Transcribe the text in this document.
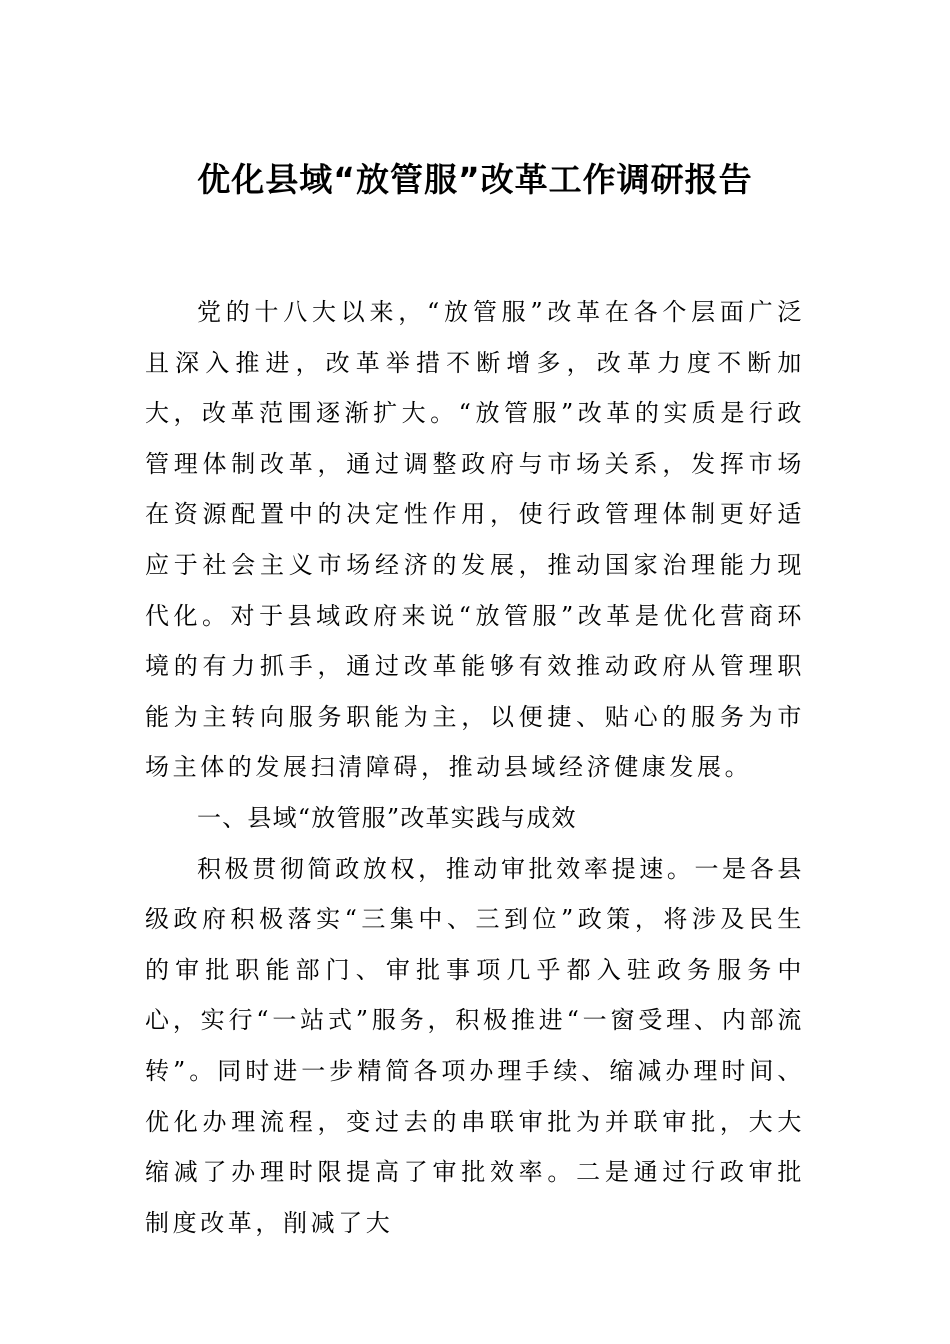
优化县域“放管服”改革工作调研报告

党的十八大以来，“放管服”改革在各个层面广泛且深入推进，改革举措不断增多，改革力度不断加大，改革范围逐渐扩大。“放管服”改革的实质是行政管理体制改革，通过调整政府与市场关系，发挥市场在资源配置中的决定性作用，使行政管理体制更好适应于社会主义市场经济的发展，推动国家治理能力现代化。对于县域政府来说“放管服”改革是优化营商环境的有力抓手，通过改革能够有效推动政府从管理职能为主转向服务职能为主，以便捷、贴心的服务为市场主体的发展扫清障碍，推动县域经济健康发展。

一、县域“放管服”改革实践与成效

积极贯彻简政放权，推动审批效率提速。一是各县级政府积极落实“三集中、三到位”政策，将涉及民生的审批职能部门、审批事项几乎都入驻政务服务中心，实行“一站式”服务，积极推进“一窗受理、内部流转”。同时进一步精简各项办理手续、缩减办理时间、优化办理流程，变过去的串联审批为并联审批，大大缩减了办理时限提高了审批效率。二是通过行政审批制度改革，削减了大
